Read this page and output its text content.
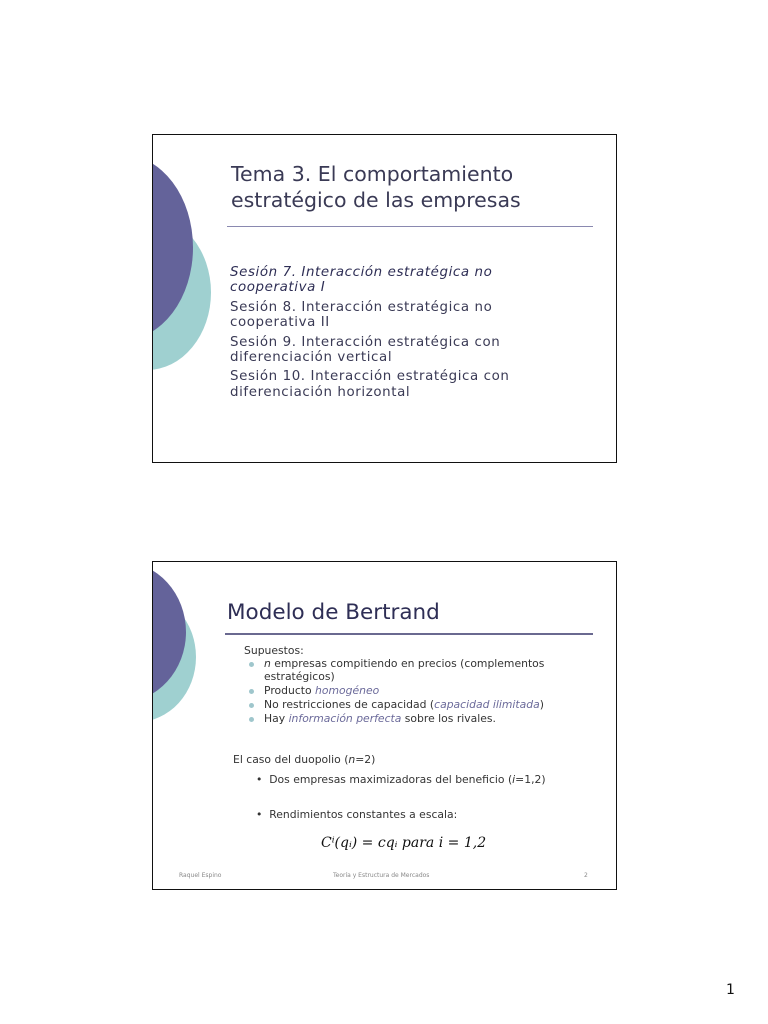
Tema 3. El comportamiento
estratégico de las empresas
Sesión 7. Interacción estratégica no
cooperativa I
Sesión 8. Interacción estratégica no
cooperativa II
Sesión 9. Interacción estratégica con
diferenciación vertical
Sesión 10. Interacción estratégica con
diferenciación horizontal
Modelo de Bertrand
Supuestos:
n empresas compitiendo en precios (complementos
estratégicos)
Producto homogéneo
No restricciones de capacidad (capacidad ilimitada)
Hay información perfecta sobre los rivales.
El caso del duopolio (n=2)
•  Dos empresas maximizadoras del beneficio (i=1,2)
•  Rendimientos constantes a escala:
Cⁱ(qᵢ) = cqᵢ para i = 1,2
Raquel Espino	Teoría y Estructura de Mercados	2
1
